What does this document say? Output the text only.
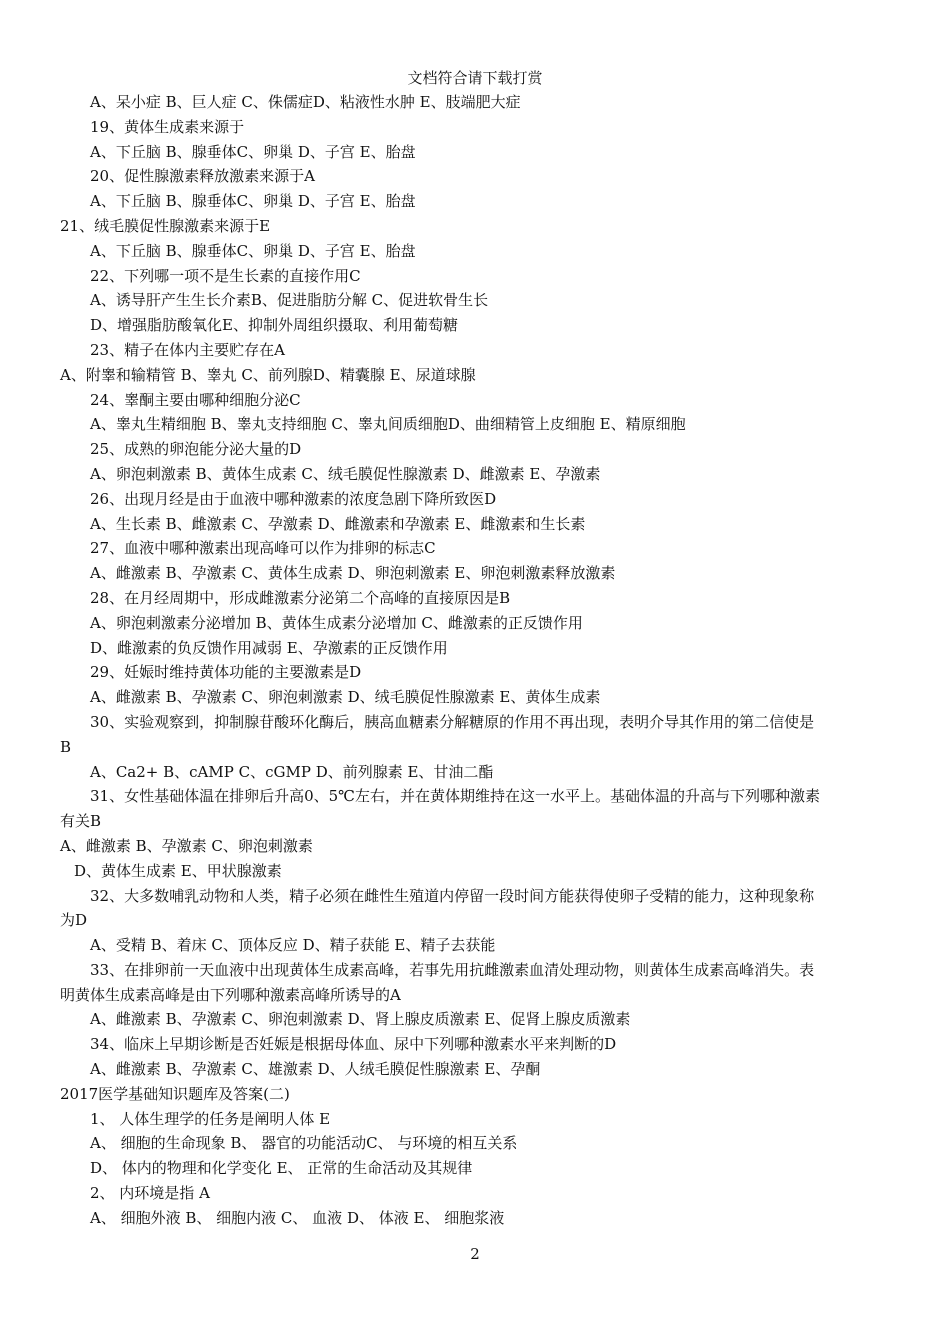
文档符合请下载打赏
A、呆小症 B、巨人症 C、侏儒症D、粘液性水肿 E、肢端肥大症
19、黄体生成素来源于
A、下丘脑 B、腺垂体C、卵巢 D、子宫 E、胎盘
20、促性腺激素释放激素来源于A
A、下丘脑 B、腺垂体C、卵巢 D、子宫 E、胎盘
21、绒毛膜促性腺激素来源于E
A、下丘脑 B、腺垂体C、卵巢 D、子宫 E、胎盘
22、下列哪一项不是生长素的直接作用C
A、诱导肝产生生长介素B、促进脂肪分解 C、促进软骨生长
D、增强脂肪酸氧化E、抑制外周组织摄取、利用葡萄糖
23、精子在体内主要贮存在A
A、附睾和输精管 B、睾丸 C、前列腺D、精囊腺 E、尿道球腺
24、睾酮主要由哪种细胞分泌C
A、睾丸生精细胞 B、睾丸支持细胞 C、睾丸间质细胞D、曲细精管上皮细胞 E、精原细胞
25、成熟的卵泡能分泌大量的D
A、卵泡刺激素 B、黄体生成素 C、绒毛膜促性腺激素 D、雌激素 E、孕激素
26、出现月经是由于血液中哪种激素的浓度急剧下降所致医D
A、生长素 B、雌激素 C、孕激素 D、雌激素和孕激素 E、雌激素和生长素
27、血液中哪种激素出现高峰可以作为排卵的标志C
A、雌激素 B、孕激素 C、黄体生成素 D、卵泡刺激素 E、卵泡刺激素释放激素
28、在月经周期中，形成雌激素分泌第二个高峰的直接原因是B
A、卵泡刺激素分泌增加 B、黄体生成素分泌增加 C、雌激素的正反馈作用
D、雌激素的负反馈作用减弱 E、孕激素的正反馈作用
29、妊娠时维持黄体功能的主要激素是D
A、雌激素 B、孕激素 C、卵泡刺激素 D、绒毛膜促性腺激素 E、黄体生成素
30、实验观察到，抑制腺苷酸环化酶后，胰高血糖素分解糖原的作用不再出现，表明介导其作用的第二信使是
B
A、Ca2+ B、cAMP C、cGMP D、前列腺素 E、甘油二酯
31、女性基础体温在排卵后升高0、5℃左右，并在黄体期维持在这一水平上。基础体温的升高与下列哪种激素
有关B
A、雌激素 B、孕激素 C、卵泡刺激素
D、黄体生成素 E、甲状腺激素
32、大多数哺乳动物和人类，精子必须在雌性生殖道内停留一段时间方能获得使卵子受精的能力，这种现象称
为D
A、受精 B、着床 C、顶体反应 D、精子获能 E、精子去获能
33、在排卵前一天血液中出现黄体生成素高峰，若事先用抗雌激素血清处理动物，则黄体生成素高峰消失。表
明黄体生成素高峰是由下列哪种激素高峰所诱导的A
A、雌激素 B、孕激素 C、卵泡刺激素 D、肾上腺皮质激素 E、促肾上腺皮质激素
34、临床上早期诊断是否妊娠是根据母体血、尿中下列哪种激素水平来判断的D
A、雌激素 B、孕激素 C、雄激素 D、人绒毛膜促性腺激素 E、孕酮
2017医学基础知识题库及答案(二)
1、 人体生理学的任务是阐明人体 E
A、 细胞的生命现象 B、 器官的功能活动C、 与环境的相互关系
D、 体内的物理和化学变化 E、 正常的生命活动及其规律
2、 内环境是指 A
A、 细胞外液 B、 细胞内液 C、 血液 D、 体液 E、 细胞浆液
2
